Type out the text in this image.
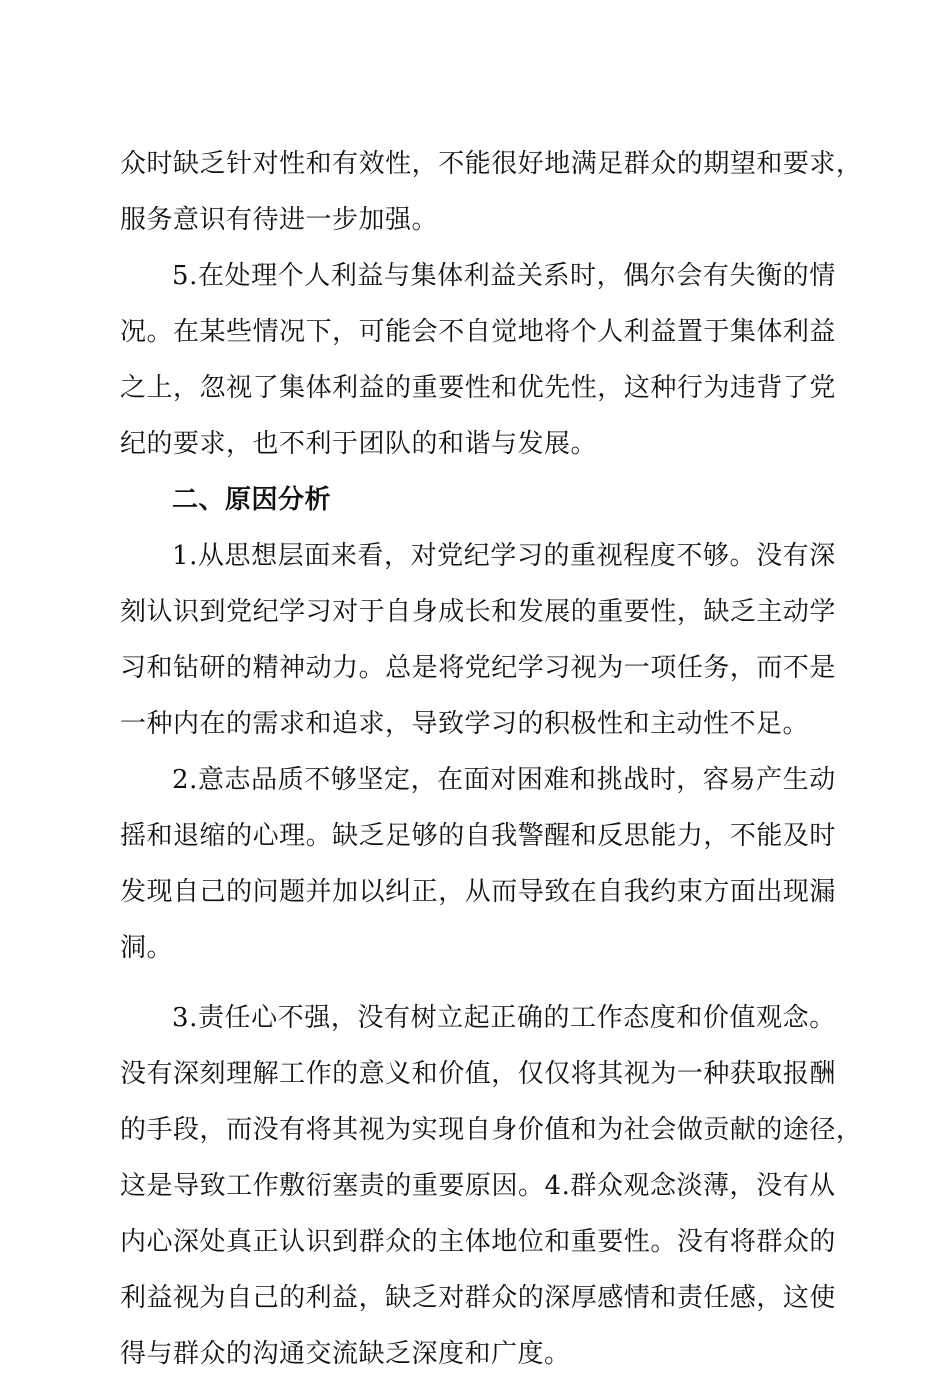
众 时 缺 乏 针 对 性 和 有 效 性 ， 不 能 很 好 地 满 足 群 众 的 期 望 和 要 求 ，
服务意识有待进一步加强。
5 . 在 处 理 个 人 利 益 与 集 体 利 益 关 系 时 ， 偶 尔 会 有 失 衡 的 情
况 。 在 某 些 情 况 下 ， 可 能 会 不 自 觉 地 将 个 人 利 益 置 于 集 体 利 益
之 上 ， 忽 视 了 集 体 利 益 的 重 要 性 和 优 先 性 ， 这 种 行 为 违 背 了 党
纪的要求，也不利于团队的和谐与发展。
二、原因分析
1 . 从 思 想 层 面 来 看 ， 对 党 纪 学 习 的 重 视 程 度 不 够 。 没 有 深
刻 认 识 到 党 纪 学 习 对 于 自 身 成 长 和 发 展 的 重 要 性 ， 缺 乏 主 动 学
习 和 钻 研 的 精 神 动 力 。 总 是 将 党 纪 学 习 视 为 一 项 任 务 ， 而 不 是
一种内在的需求和追求，导致学习的积极性和主动性不足。
2 . 意 志 品 质 不 够 坚 定 ， 在 面 对 困 难 和 挑 战 时 ， 容 易 产 生 动
摇 和 退 缩 的 心 理 。 缺 乏 足 够 的 自 我 警 醒 和 反 思 能 力 ， 不 能 及 时
发 现 自 己 的 问 题 并 加 以 纠 正 ， 从 而 导 致 在 自 我 约 束 方 面 出 现 漏
洞。
3 . 责 任 心 不 强 ， 没 有 树 立 起 正 确 的 工 作 态 度 和 价 值 观 念 。
没 有 深 刻 理 解 工 作 的 意 义 和 价 值 ， 仅 仅 将 其 视 为 一 种 获 取 报 酬
的 手 段 ， 而 没 有 将 其 视 为 实 现 自 身 价 值 和 为 社 会 做 贡 献 的 途 径 ，
这 是 导 致 工 作 敷 衍 塞 责 的 重 要 原 因 。 4 . 群 众 观 念 淡 薄 ， 没 有 从
内 心 深 处 真 正 认 识 到 群 众 的 主 体 地 位 和 重 要 性 。 没 有 将 群 众 的
利 益 视 为 自 己 的 利 益 ， 缺 乏 对 群 众 的 深 厚 感 情 和 责 任 感 ， 这 使
得与群众的沟通交流缺乏深度和广度。
